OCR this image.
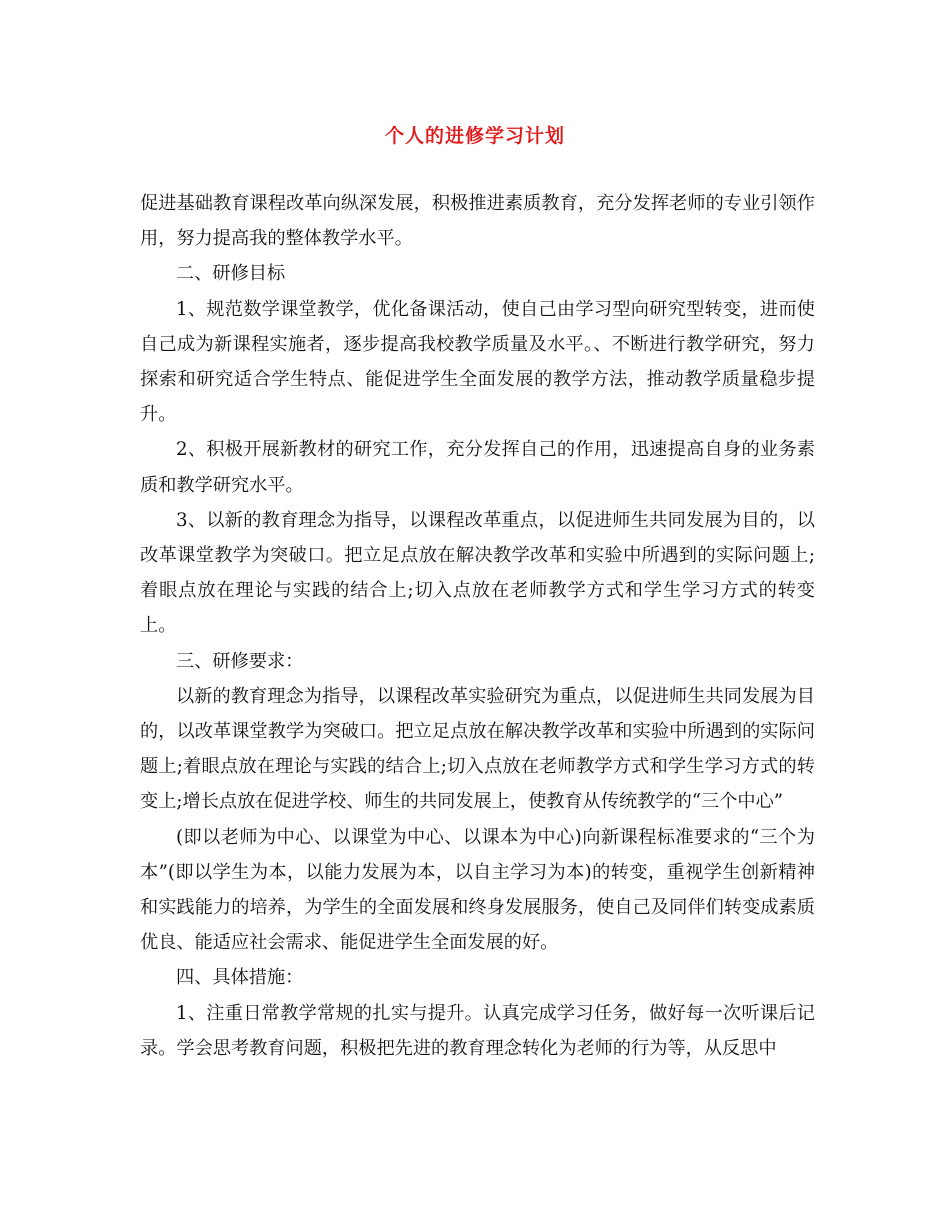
个人的进修学习计划

促进基础教育课程改革向纵深发展，积极推进素质教育，充分发挥老师的专业引领作用，努力提高我的整体教学水平。

二、研修目标

1、规范数学课堂教学，优化备课活动，使自己由学习型向研究型转变，进而使自己成为新课程实施者，逐步提高我校教学质量及水平。、不断进行教学研究，努力探索和研究适合学生特点、能促进学生全面发展的教学方法，推动教学质量稳步提升。

2、积极开展新教材的研究工作，充分发挥自己的作用，迅速提高自身的业务素质和教学研究水平。

3、以新的教育理念为指导，以课程改革重点，以促进师生共同发展为目的，以改革课堂教学为突破口。把立足点放在解决教学改革和实验中所遇到的实际问题上;着眼点放在理论与实践的结合上;切入点放在老师教学方式和学生学习方式的转变上。

三、研修要求：

以新的教育理念为指导，以课程改革实验研究为重点，以促进师生共同发展为目的，以改革课堂教学为突破口。把立足点放在解决教学改革和实验中所遇到的实际问题上;着眼点放在理论与实践的结合上;切入点放在老师教学方式和学生学习方式的转变上;增长点放在促进学校、师生的共同发展上，使教育从传统教学的“三个中心”

(即以老师为中心、以课堂为中心、以课本为中心)向新课程标准要求的“三个为本”(即以学生为本，以能力发展为本，以自主学习为本)的转变，重视学生创新精神和实践能力的培养，为学生的全面发展和终身发展服务，使自己及同伴们转变成素质优良、能适应社会需求、能促进学生全面发展的好。

四、具体措施：

1、注重日常教学常规的扎实与提升。认真完成学习任务，做好每一次听课后记录。学会思考教育问题，积极把先进的教育理念转化为老师的行为等，从反思中
